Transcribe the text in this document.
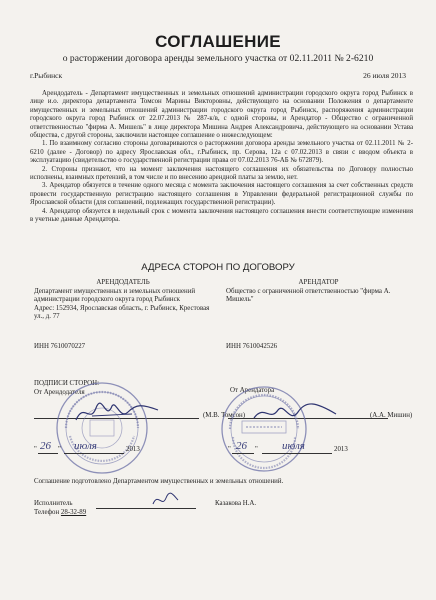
СОГЛАШЕНИЕ
о расторжении договора аренды земельного участка от 02.11.2011 № 2-6210
г.Рыбинск	26 июля 2013

Арендодатель - Департамент имущественных и земельных отношений администрации городского округа город Рыбинск в лице и.о. директора департамента Томсон Марины Викторовны, действующего на основании Положения о департаменте имущественных и земельных отношений администрации городского округа город Рыбинск, распоряжения администрации городского округа город Рыбинск от 22.07.2013 № 287-к/в, с одной стороны, и Арендатор - Общество с ограниченной ответственностью "фирма А. Мишель" в лице директора Мишина Андрея Александровича, действующего на основании Устава общества, с другой стороны, заключили настоящее соглашение о нижеследующем:

1. По взаимному согласию стороны договариваются о расторжении договора аренды земельного участка от 02.11.2011 № 2-6210 (далее - Договор) по адресу Ярославская обл., г.Рыбинск, пр. Серова, 12а с 07.02.2013 в связи с вводом объекта в эксплуатацию (свидетельство о государственной регистрации права от 07.02.2013 76-АБ № 672879).

2. Стороны признают, что на момент заключения настоящего соглашения их обязательства по Договору полностью исполнены, взаимных претензий, в том числе и по внесению арендной платы за землю, нет.

3. Арендатор обязуется в течение одного месяца с момента заключения настоящего соглашения за счет собственных средств провести государственную регистрацию настоящего соглашения в Управлении федеральной регистрационной службы по Ярославской области (для соглашений, подлежащих государственной регистрации).

4. Арендатор обязуется в недельный срок с момента заключения настоящего соглашения внести соответствующие изменения в учетные данные Арендатора.

АДРЕСА СТОРОН ПО ДОГОВОРУ
АРЕНДОДАТЕЛЬ
Департамент имущественных и земельных отношений администрации городского округа город Рыбинск
Адрес: 152934, Ярославская область, г. Рыбинск, Крестовая ул., д. 77
ИНН 7610070227
АРЕНДАТОР
Общество с ограниченной ответственностью "фирма А. Мишель"
ИНН 7610042526
ПОДПИСИ СТОРОН:
От Арендодателя	От Арендатора
(М.В. Томсон)
" 26 " июля	2013
(А.А. Мишин)
" 26 " июля	2013
Соглашение подготовлено Департаментом имущественных и земельных отношений.
Исполнитель	Казакова Н.А.
Телефон 28-32-89
